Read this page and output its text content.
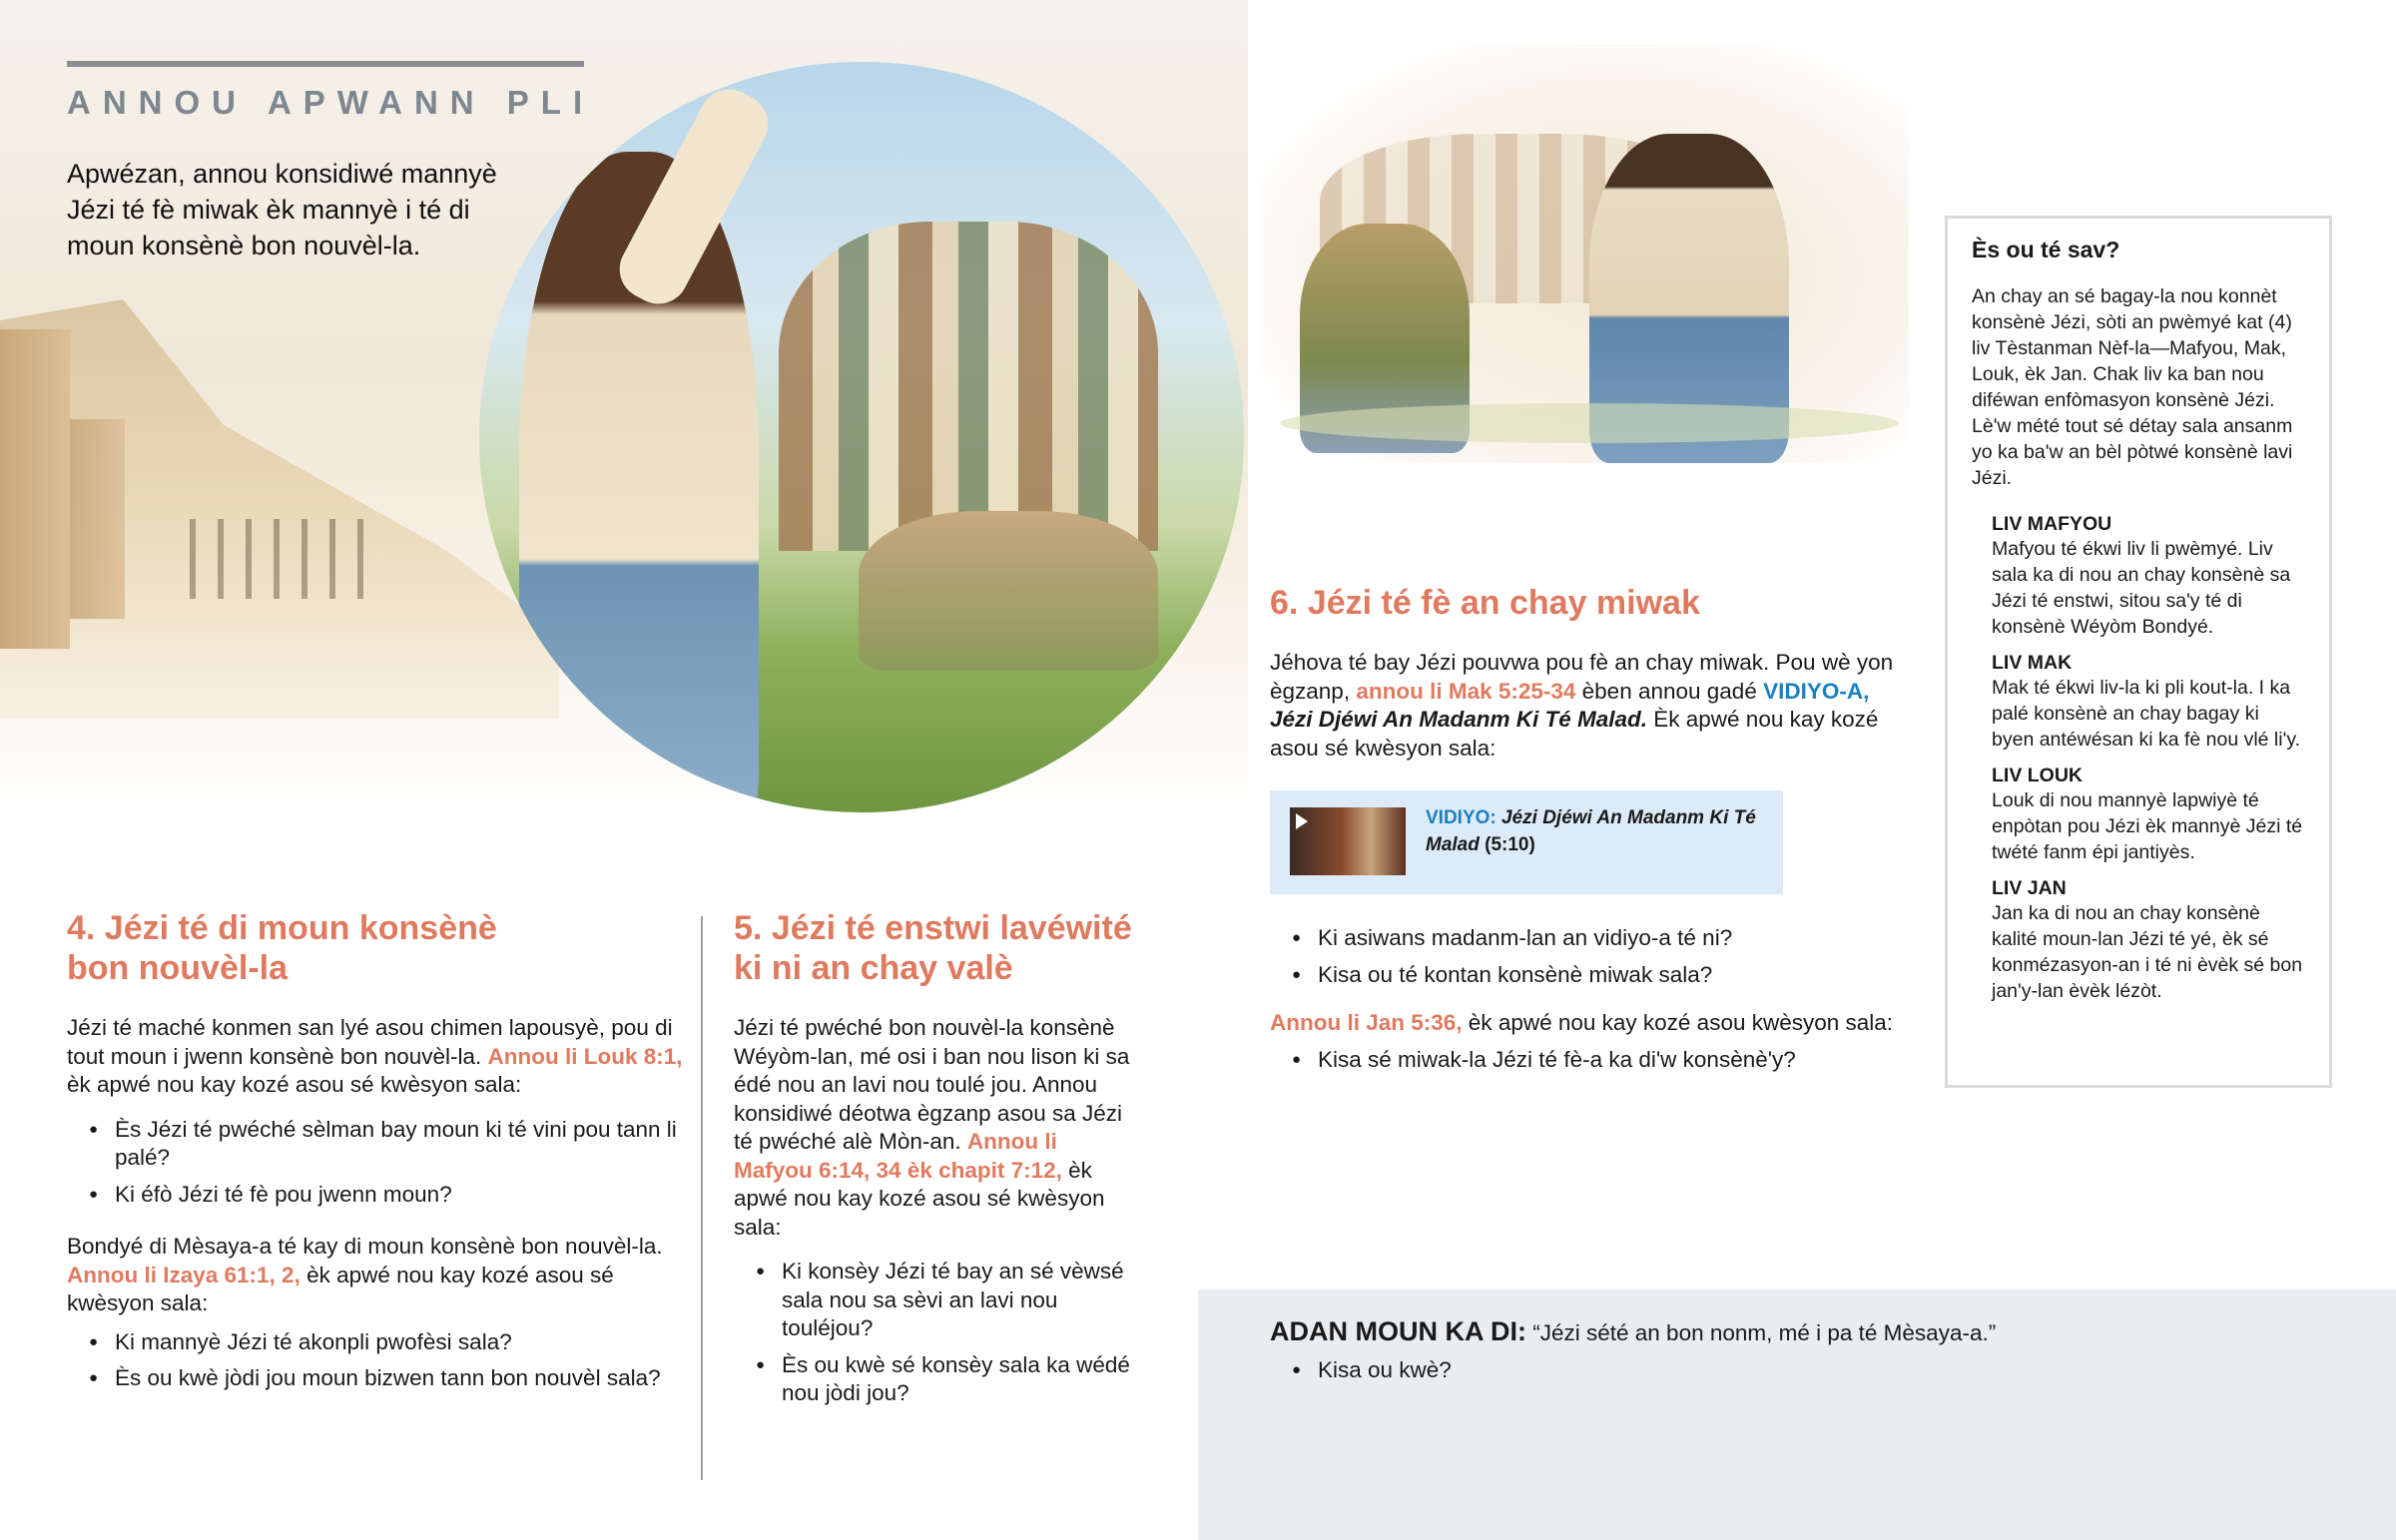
ANNOU APWANN PLI
Apwézan, annou konsidiwé mannyè Jézi té fè miwak èk mannyè i té di moun konsènè bon nouvèl-la.
4. Jézi té di moun konsènè
bon nouvèl-la
Jézi té maché konmen san lyé asou chimen lapousyè, pou di tout moun i jwenn konsènè bon nouvèl-la. Annou li Louk 8:1, èk apwé nou kay kozé asou sé kwèsyon sala:
● Ès Jézi té pwéché sèlman bay moun ki té vini pou tann li palé?
● Ki éfò Jézi té fè pou jwenn moun?
Bondyé di Mèsaya-a té kay di moun konsènè bon nouvèl-la. Annou li Izaya 61:1, 2, èk apwé nou kay kozé asou sé kwèsyon sala:
● Ki mannyè Jézi té akonpli pwofèsi sala?
● Ès ou kwè jòdi jou moun bizwen tann bon nouvèl sala?
5. Jézi té enstwi lavéwité
ki ni an chay valè
Jézi té pwéché bon nouvèl-la konsènè Wéyòm-lan, mé osi i ban nou lison ki sa édé nou an lavi nou toulé jou. Annou konsidiwé déotwa ègzanp asou sa Jézi té pwéché alè Mòn-an. Annou li Mafyou 6:14, 34 èk chapit 7:12, èk apwé nou kay kozé asou sé kwèsyon sala:
● Ki konsèy Jézi té bay an sé vèwsé sala nou sa sèvi an lavi nou touléjou?
● Ès ou kwè sé konsèy sala ka wédé nou jòdi jou?
6. Jézi té fè an chay miwak
Jéhova té bay Jézi pouvwa pou fè an chay miwak. Pou wè yon ègzanp, annou li Mak 5:25-34 èben annou gadé VIDIYO-A, Jézi Djéwi An Madanm Ki Té Malad. Èk apwé nou kay kozé asou sé kwèsyon sala:
VIDIYO: Jézi Djéwi An Madanm Ki Té Malad (5:10)
● Ki asiwans madanm-lan an vidiyo-a té ni?
● Kisa ou té kontan konsènè miwak sala?
Annou li Jan 5:36, èk apwé nou kay kozé asou kwèsyon sala:
● Kisa sé miwak-la Jézi té fè-a ka di'w konsènè'y?
Ès ou té sav?
An chay an sé bagay-la nou konnèt konsènè Jézi, sòti an pwèmyé kat (4) liv Tèstanman Nèf-la—Mafyou, Mak, Louk, èk Jan. Chak liv ka ban nou diféwan enfòmasyon konsènè Jézi. Lè'w mété tout sé détay sala ansanm yo ka ba'w an bèl pòtwé konsènè lavi Jézi.
LIV MAFYOU
Mafyou té ékwi liv li pwèmyé. Liv sala ka di nou an chay konsènè sa Jézi té enstwi, sitou sa'y té di konsènè Wéyòm Bondyé.
LIV MAK
Mak té ékwi liv-la ki pli kout-la. I ka palé konsènè an chay bagay ki byen antéwésan ki ka fè nou vlé li'y.
LIV LOUK
Louk di nou mannyè lapwiyè té enpòtan pou Jézi èk mannyè Jézi té twété fanm épi jantiyès.
LIV JAN
Jan ka di nou an chay konsènè kalité moun-lan Jézi té yé, èk sé konmézasyon-an i té ni èvèk sé bon jan'y-lan èvèk lézòt.
ADAN MOUN KA DI: “Jézi sété an bon nonm, mé i pa té Mèsaya-a.”
● Kisa ou kwè?
